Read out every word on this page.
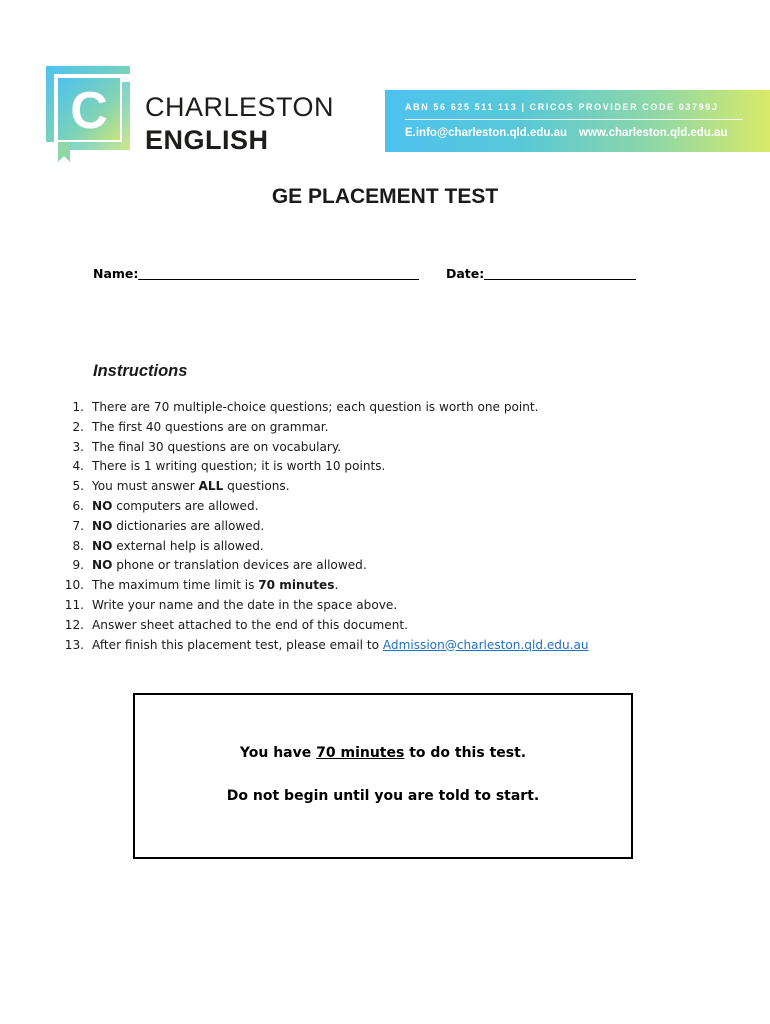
C CHARLESTON
ENGLISH
ABN 56 625 511 113 | CRICOS PROVIDER CODE 03799J
E.info@charleston.qld.edu.au www.charleston.qld.edu.au
GE PLACEMENT TEST
Name:	Date:
Instructions
1. There are 70 multiple-choice questions; each question is worth one point.
2. The first 40 questions are on grammar.
3. The final 30 questions are on vocabulary.
4. There is 1 writing question; it is worth 10 points.
5. You must answer ALL questions.
6. NO computers are allowed.
7. NO dictionaries are allowed.
8. NO external help is allowed.
9. NO phone or translation devices are allowed.
10. The maximum time limit is 70 minutes.
11. Write your name and the date in the space above.
12. Answer sheet attached to the end of this document.
13. After finish this placement test, please email to Admission@charleston.qld.edu.au
You have 70 minutes to do this test.
Do not begin until you are told to start.
